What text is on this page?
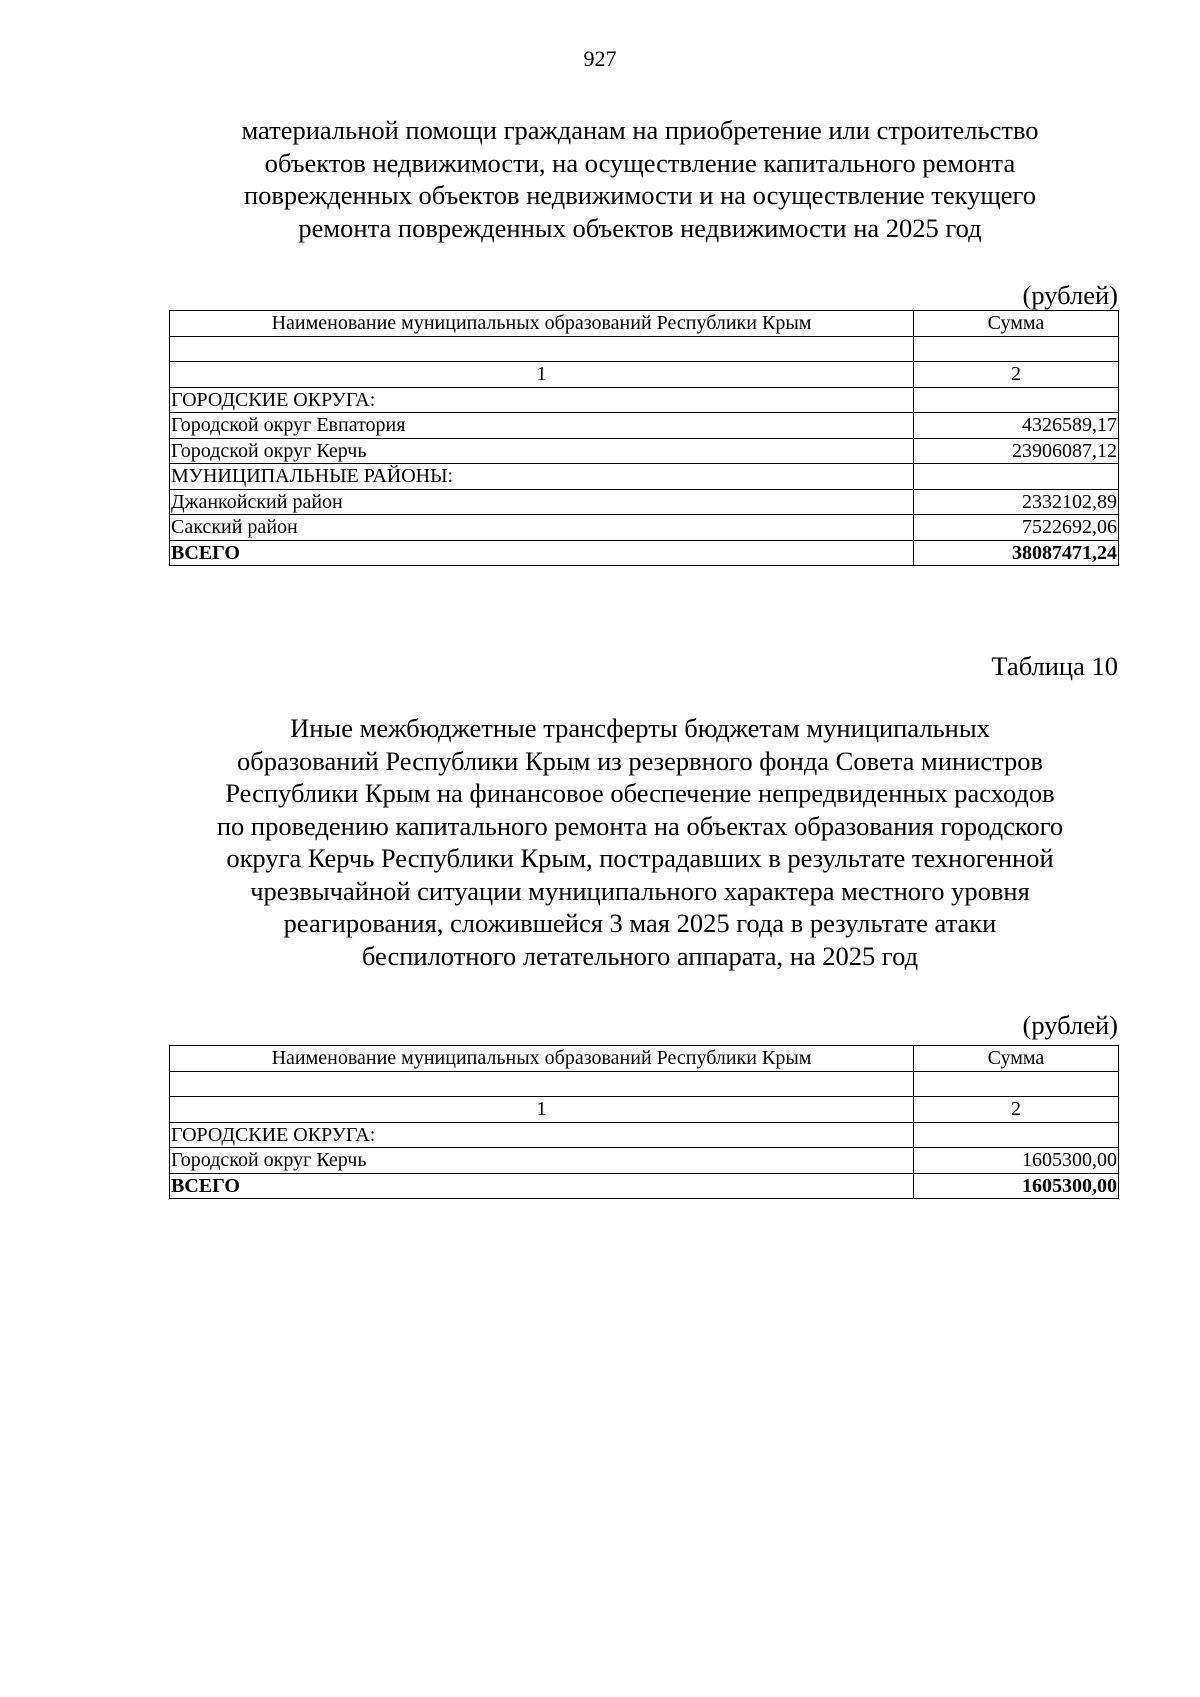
927
материальной помощи гражданам на приобретение или строительство
объектов недвижимости, на осуществление капитального ремонта
поврежденных объектов недвижимости и на осуществление текущего
ремонта поврежденных объектов недвижимости на 2025 год
(рублей)
Наименование муниципальных образований Республики Крым	Сумма

1	2
ГОРОДСКИЕ ОКРУГА:	
Городской округ Евпатория	4326589,17
Городской округ Керчь	23906087,12
МУНИЦИПАЛЬНЫЕ РАЙОНЫ:	
Джанкойский район	2332102,89
Сакский район	7522692,06
ВСЕГО	38087471,24
Таблица 10
Иные межбюджетные трансферты бюджетам муниципальных
образований Республики Крым из резервного фонда Совета министров
Республики Крым на финансовое обеспечение непредвиденных расходов
по проведению капитального ремонта на объектах образования городского
округа Керчь Республики Крым, пострадавших в результате техногенной
чрезвычайной ситуации муниципального характера местного уровня
реагирования, сложившейся 3 мая 2025 года в результате атаки
беспилотного летательного аппарата, на 2025 год
(рублей)
Наименование муниципальных образований Республики Крым	Сумма

1	2
ГОРОДСКИЕ ОКРУГА:	
Городской округ Керчь	1605300,00
ВСЕГО	1605300,00
